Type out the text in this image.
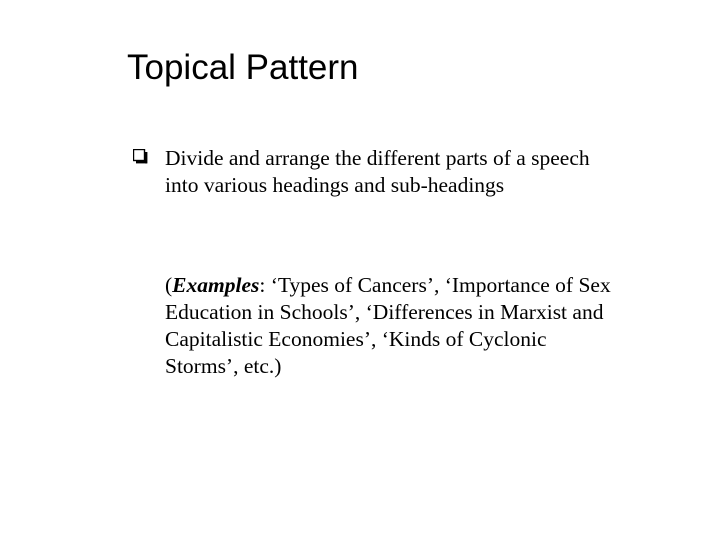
Topical Pattern

Divide and arrange the different parts of a speech into various headings and sub-headings

(Examples: ‘Types of Cancers’, ‘Importance of Sex Education in Schools’, ‘Differences in Marxist and Capitalistic Economies’, ‘Kinds of Cyclonic Storms’, etc.)
